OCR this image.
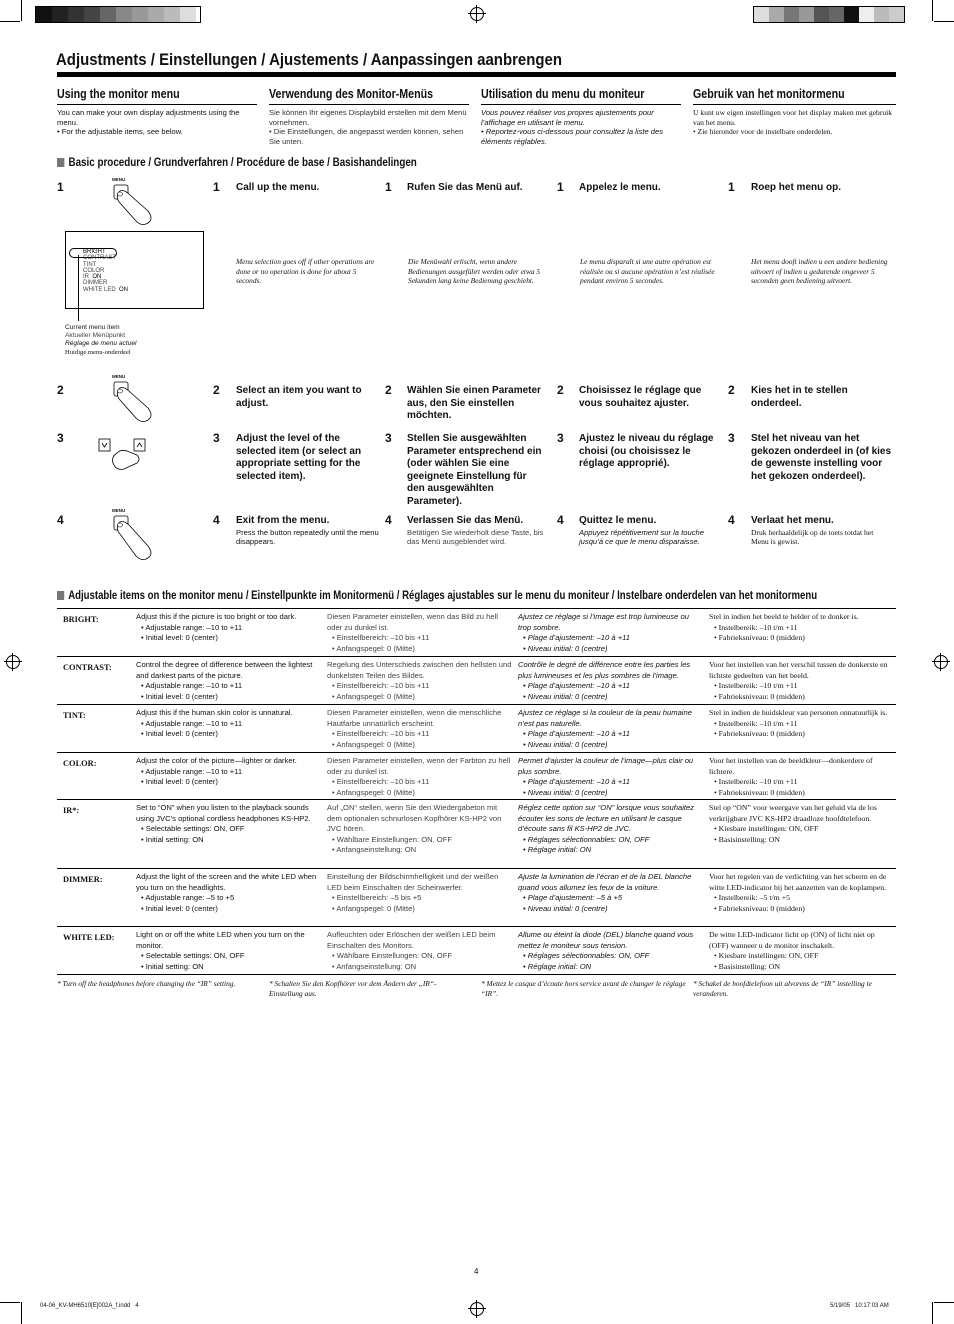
Adjustments / Einstellungen / Ajustements / Aanpassingen aanbrengen
Using the monitor menu	Verwendung des Monitor-Menüs	Utilisation du menu du moniteur	Gebruik van het monitormenu
You can make your own display adjustments using the menu.
• For the adjustable items, see below.
Sie können Ihr eigenes Displaybild erstellen mit dem Menü vornehmen.
• Die Einstellungen, die angepasst werden können, sehen Sie unten.
Vous pouvez réaliser vos propres ajustements pour l’affichage en utilisant le menu.
• Reportez-vous ci-dessous pour consultez la liste des éléments réglables.
U kunt uw eigen instellingen voor het display maken met gebruik van het menu.
• Zie hieronder voor de instelbare onderdelen.
Basic procedure / Grundverfahren / Procédure de base / Basishandelingen
1
2
3
4
MENU
MENU
MENU
BRIGHT
CONTRAST
TINT
COLOR
IR ON
DIMMER
WHITE LED ON
Current menu item
Aktueller Menüpunkt
Réglage de menu actuel
Huidige menu-onderdeel
1 Call up the menu.	1 Rufen Sie das Menü auf.	1 Appelez le menu.	1 Roep het menu op.
Menu selection goes off if other operations are done or no operation is done for about 5 seconds.
Die Menüwahl erlischt, wenn andere Bedienungen ausgeführt werden oder etwa 5 Sekunden lang keine Bedienung geschieht.
Le menu disparaît si une autre opération est réalisée ou si aucune opération n’est réalisée pendant environ 5 secondes.
Het menu dooft indien u een andere bediening uitvoert of indien u gedurende ongeveer 5 seconden geen bediening uitvoert.
2 Select an item you want to adjust.
2 Wählen Sie einen Parameter aus, den Sie einstellen möchten.
2 Choisissez le réglage que vous souhaitez ajuster.
2 Kies het in te stellen onderdeel.
3 Adjust the level of the selected item (or select an appropriate setting for the selected item).
3 Stellen Sie ausgewählten Parameter entsprechend ein (oder wählen Sie eine geeignete Einstellung für den ausgewählten Parameter).
3 Ajustez le niveau du réglage choisi (ou choisissez le réglage approprié).
3 Stel het niveau van het gekozen onderdeel in (of kies de gewenste instelling voor het gekozen onderdeel).
4 Exit from the menu.
Press the button repeatedly until the menu disappears.
4 Verlassen Sie das Menü.
Betätigen Sie wiederholt diese Taste, bis das Menü ausgeblendet wird.
4 Quittez le menu.
Appuyez répétitivement sur la touche jusqu’à ce que le menu disparaisse.
4 Verlaat het menu.
Druk herhaaldelijk op de toets totdat het Menu is gewist.
Adjustable items on the monitor menu / Einstellpunkte im Monitormenü / Réglages ajustables sur le menu du moniteur / Instelbare onderdelen van het monitormenu
BRIGHT:	Adjust this if the picture is too bright or too dark.
• Adjustable range: –10 to +11
• Initial level: 0 (center)
Diesen Parameter einstellen, wenn das Bild zu hell oder zu dunkel ist.
• Einstellbereich: –10 bis +11
• Anfangspegel: 0 (Mitte)
Ajustez ce réglage si l’image est trop lumineuse ou trop sombre.
• Plage d’ajustement: –10 à +11
• Niveau initial: 0 (centre)
Stel in indien het beeld te helder of te donker is.
• Instelbereik: –10 t/m +11
• Fabrieksniveau: 0 (midden)
CONTRAST:	Control the degree of difference between the lightest and darkest parts of the picture.
• Adjustable range: –10 to +11
• Initial level: 0 (center)
Regelung des Unterschieds zwischen den hellsten und dunkelsten Teilen des Bildes.
• Einstellbereich: –10 bis +11
• Anfangspegel: 0 (Mitte)
Contrôle le degré de différence entre les parties les plus lumineuses et les plus sombres de l’image.
• Plage d’ajustement: –10 à +11
• Niveau initial: 0 (centre)
Voor het instellen van het verschil tussen de donkerste en lichtste gedeelten van het beeld.
• Instelbereik: –10 t/m +11
• Fabrieksniveau: 0 (midden)
TINT:	Adjust this if the human skin color is unnatural.
• Adjustable range: –10 to +11
• Initial level: 0 (center)
Diesen Parameter einstellen, wenn die menschliche Hautfarbe unnatürlich erscheint.
• Einstellbereich: –10 bis +11
• Anfangspegel: 0 (Mitte)
Ajustez ce réglage si la couleur de la peau humaine n’est pas naturelle.
• Plage d’ajustement: –10 à +11
• Niveau initial: 0 (centre)
Stel in indien de huidskleur van personen onnatuurlijk is.
• Instelbereik: –10 t/m +11
• Fabrieksniveau: 0 (midden)
COLOR:	Adjust the color of the picture—lighter or darker.
• Adjustable range: –10 to +11
• Initial level: 0 (center)
Diesen Parameter einstellen, wenn der Farbton zu hell oder zu dunkel ist.
• Einstellbereich: –10 bis +11
• Anfangspegel: 0 (Mitte)
Permet d’ajuster la couleur de l’image—plus clair ou plus sombre.
• Plage d’ajustement: –10 à +11
• Niveau initial: 0 (centre)
Voor het instellen van de beeldkleur—donkerdere of lichtere.
• Instelbereik: –10 t/m +11
• Fabrieksniveau: 0 (midden)
IR*:	Set to “ON” when you listen to the playback sounds using JVC’s optional cordless headphones KS-HP2.
• Selectable settings: ON, OFF
• Initial setting: ON
Auf „ON“ stellen, wenn Sie den Wiedergabeton mit dem optionalen schnurlosen Kopfhörer KS-HP2 von JVC hören.
• Wählbare Einstellungen: ON, OFF
• Anfangseinstellung: ON
Réglez cette option sur “ON” lorsque vous souhaitez écouter les sons de lecture en utilisant le casque d’écoute sans fil KS-HP2 de JVC.
• Réglages sélectionnables: ON, OFF
• Réglage initial: ON
Stel op “ON” voor weergave van het geluid via de los verkrijgbare JVC KS-HP2 draadloze hoofdtelefoon.
• Kiesbare instellingen: ON, OFF
• Basisinstelling: ON
DIMMER:	Adjust the light of the screen and the white LED when you turn on the headlights.
• Adjustable range: –5 to +5
• Initial level: 0 (center)
Einstellung der Bildschirmhelligkeit und der weißen LED beim Einschalten der Scheinwerfer.
• Einstellbereich: –5 bis +5
• Anfangspegel: 0 (Mitte)
Ajuste la lumination de l’écran et de la DEL blanche quand vous allumez les feux de la voiture.
• Plage d’ajustement: –5 à +5
• Niveau initial: 0 (centre)
Voor het regelen van de verlichting van het scherm en de witte LED-indicator bij het aanzetten van de koplampen.
• Instelbereik: –5 t/m +5
• Fabrieksniveau: 0 (midden)
WHITE LED:	Light on or off the white LED when you turn on the monitor.
• Selectable settings: ON, OFF
• Initial setting: ON
Aufleuchten oder Erlöschen der weißen LED beim Einschalten des Monitors.
• Wählbare Einstellungen: ON, OFF
• Anfangseinstellung: ON
Allume ou éteint la diode (DEL) blanche quand vous mettez le moniteur sous tension.
• Réglages sélectionnables: ON, OFF
• Réglage initial: ON
De witte LED-indicator licht op (ON) of licht niet op (OFF) wanneer u de monitor inschakelt.
• Kiesbare instellingen: ON, OFF
• Basisinstelling: ON
* Turn off the headphones before changing the “IR” setting.	* Schalten Sie den Kopfhörer vor dem Ändern der „IR“-Einstellung aus.
* Mettez le casque d’écoute hors service avant de changer le réglage “IR”.
* Schakel de hoofdtelefoon uit alvorens de “IR” instelling te veranderen.
4
04-06_KV-MH6510[E]002A_f.indd   4	5/19/05   10:17:03 AM
